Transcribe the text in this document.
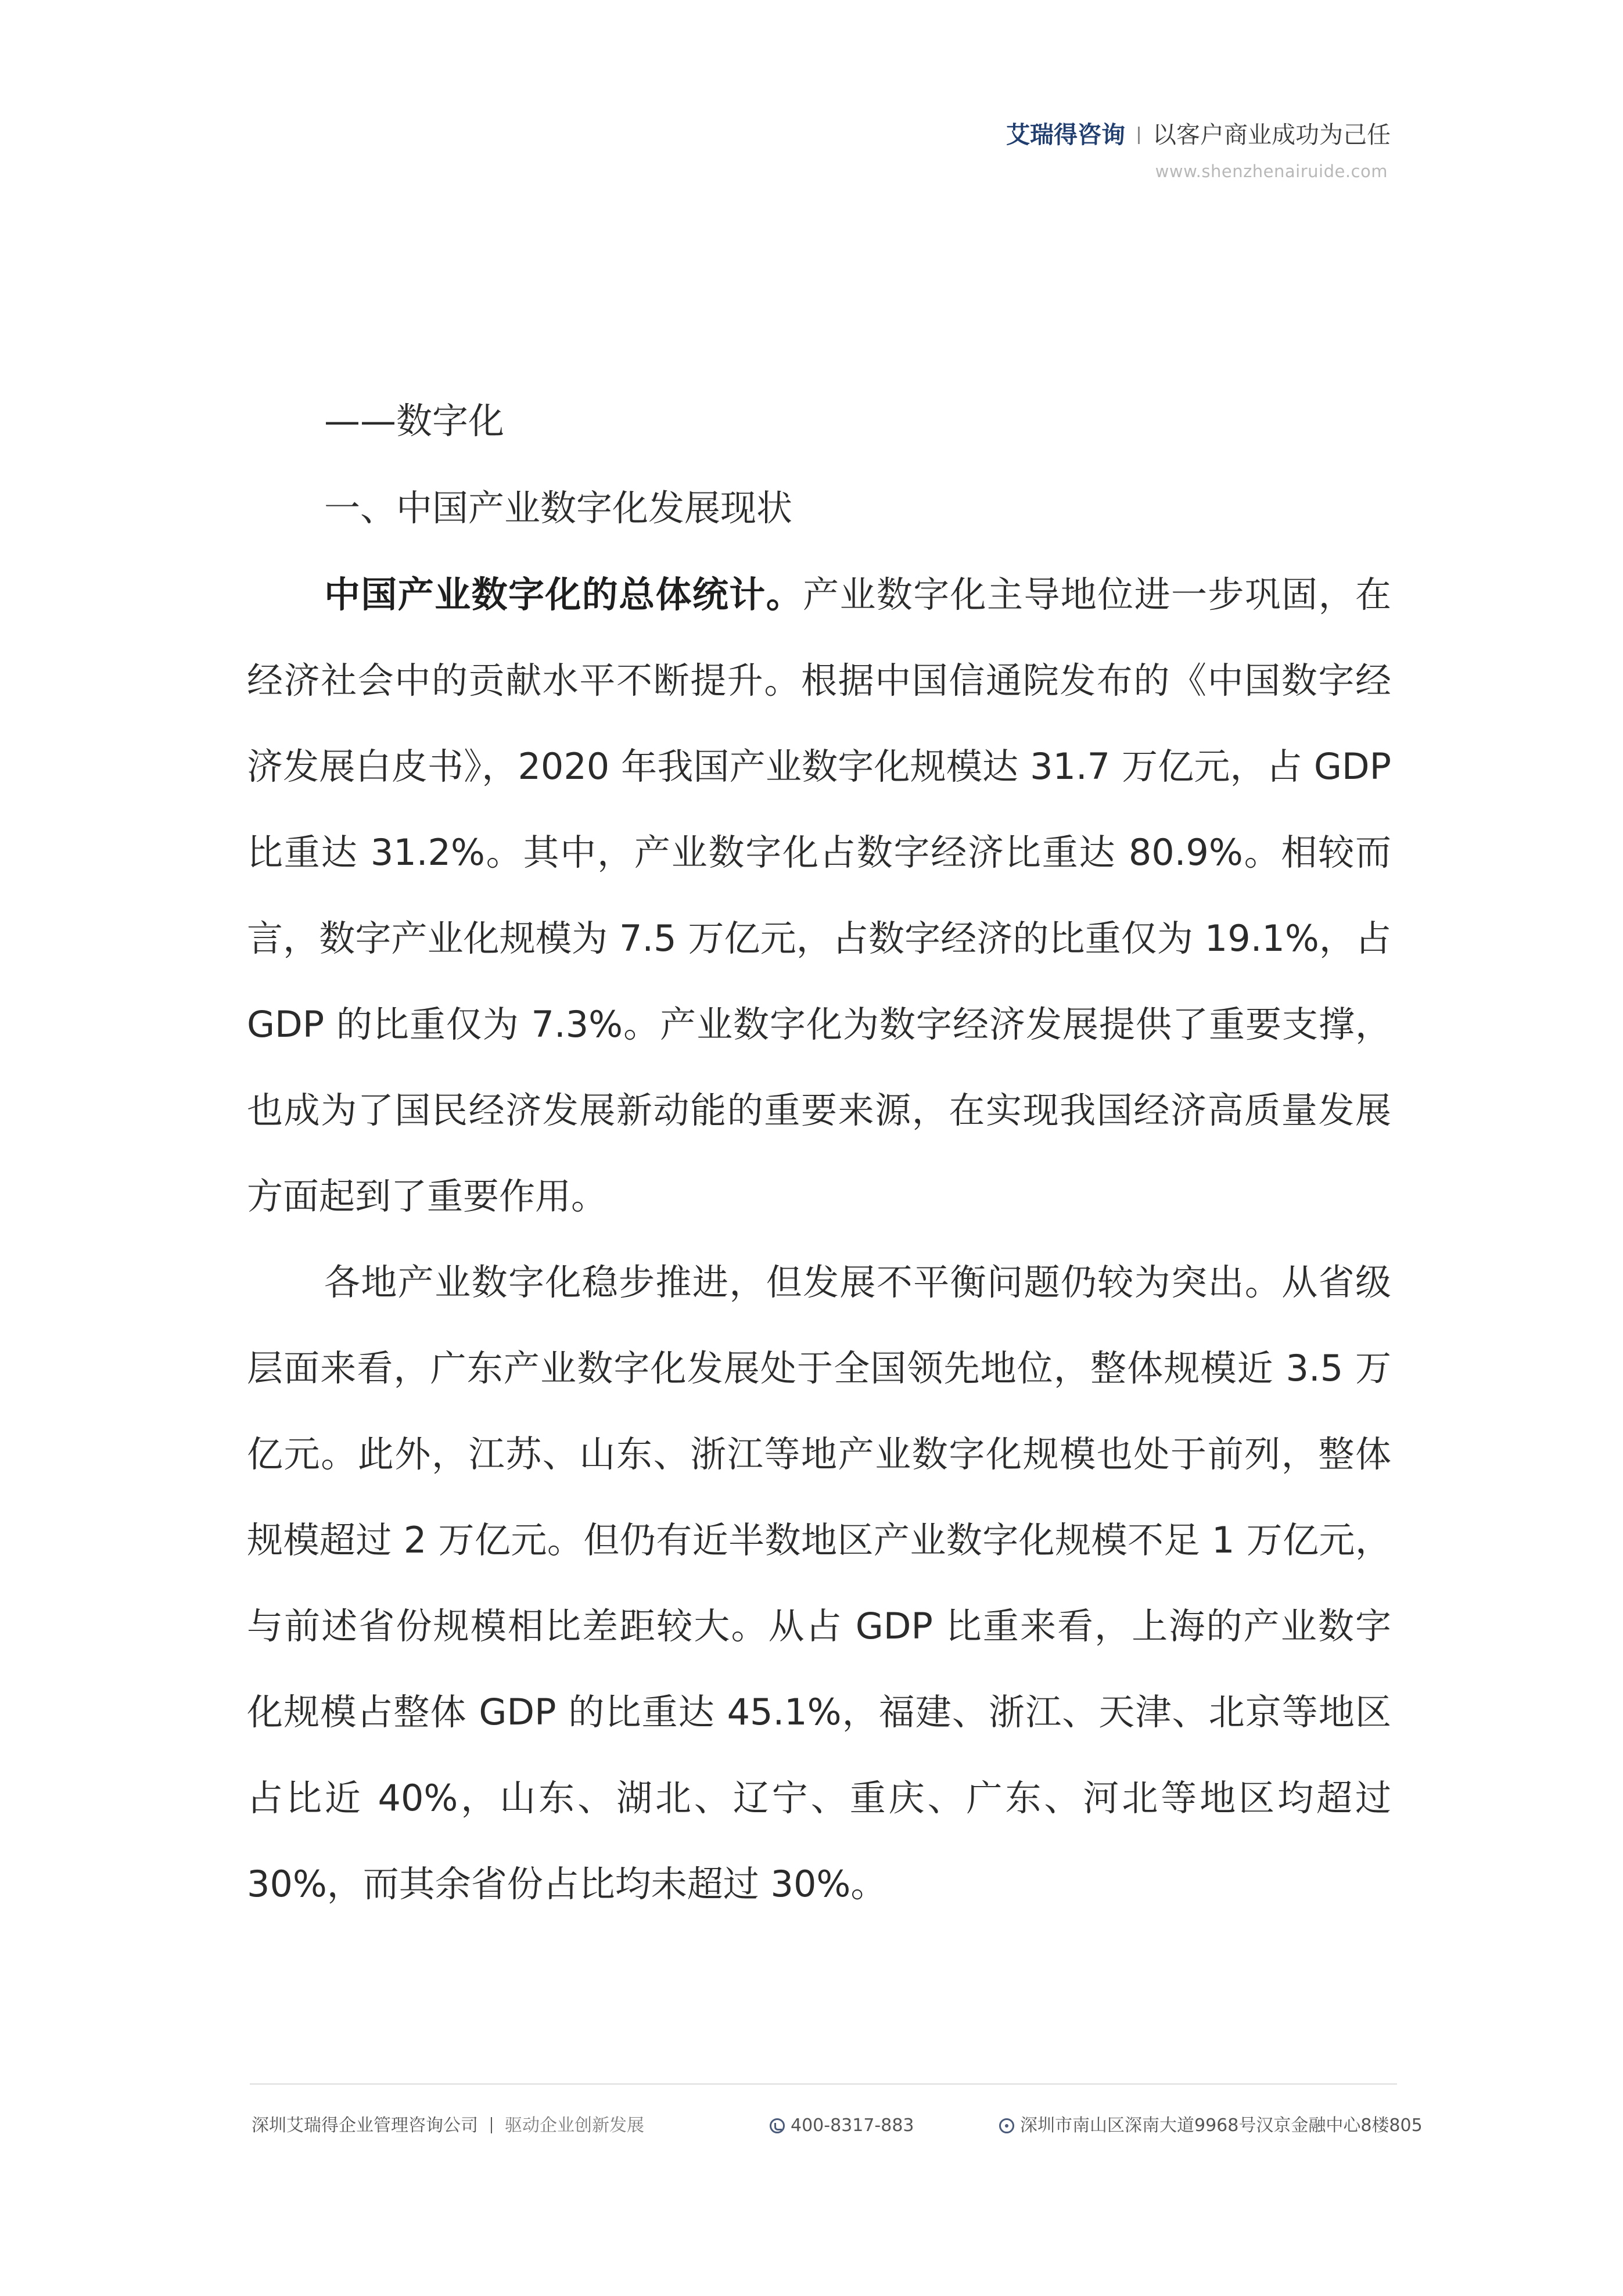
艾瑞得咨询 以客户商业成功为己任
www.shenzhenairuide.com
——数字化
一、中国产业数字化发展现状

中国产业数字化的总体统计。产业数字化主导地位进一步巩固，在经济社会中的贡献水平不断提升。根据中国信通院发布的《中国数字经济发展白皮书》，2020 年我国产业数字化规模达 31.7 万亿元，占 GDP 比重达 31.2%。其中，产业数字化占数字经济比重达 80.9%。相较而言，数字产业化规模为 7.5 万亿元，占数字经济的比重仅为 19.1%，占 GDP 的比重仅为 7.3%。产业数字化为数字经济发展提供了重要支撑，也成为了国民经济发展新动能的重要来源，在实现我国经济高质量发展方面起到了重要作用。

各地产业数字化稳步推进，但发展不平衡问题仍较为突出。从省级层面来看，广东产业数字化发展处于全国领先地位，整体规模近 3.5 万亿元。此外，江苏、山东、浙江等地产业数字化规模也处于前列，整体规模超过 2 万亿元。但仍有近半数地区产业数字化规模不足 1 万亿元，与前述省份规模相比差距较大。从占 GDP 比重来看，上海的产业数字化规模占整体 GDP 的比重达 45.1%，福建、浙江、天津、北京等地区占比近 40%，山东、湖北、辽宁、重庆、广东、河北等地区均超过 30%，而其余省份占比均未超过 30%。

深圳艾瑞得企业管理咨询公司 驱动企业创新发展	400-8317-883	深圳市南山区深南大道9968号汉京金融中心8楼805
